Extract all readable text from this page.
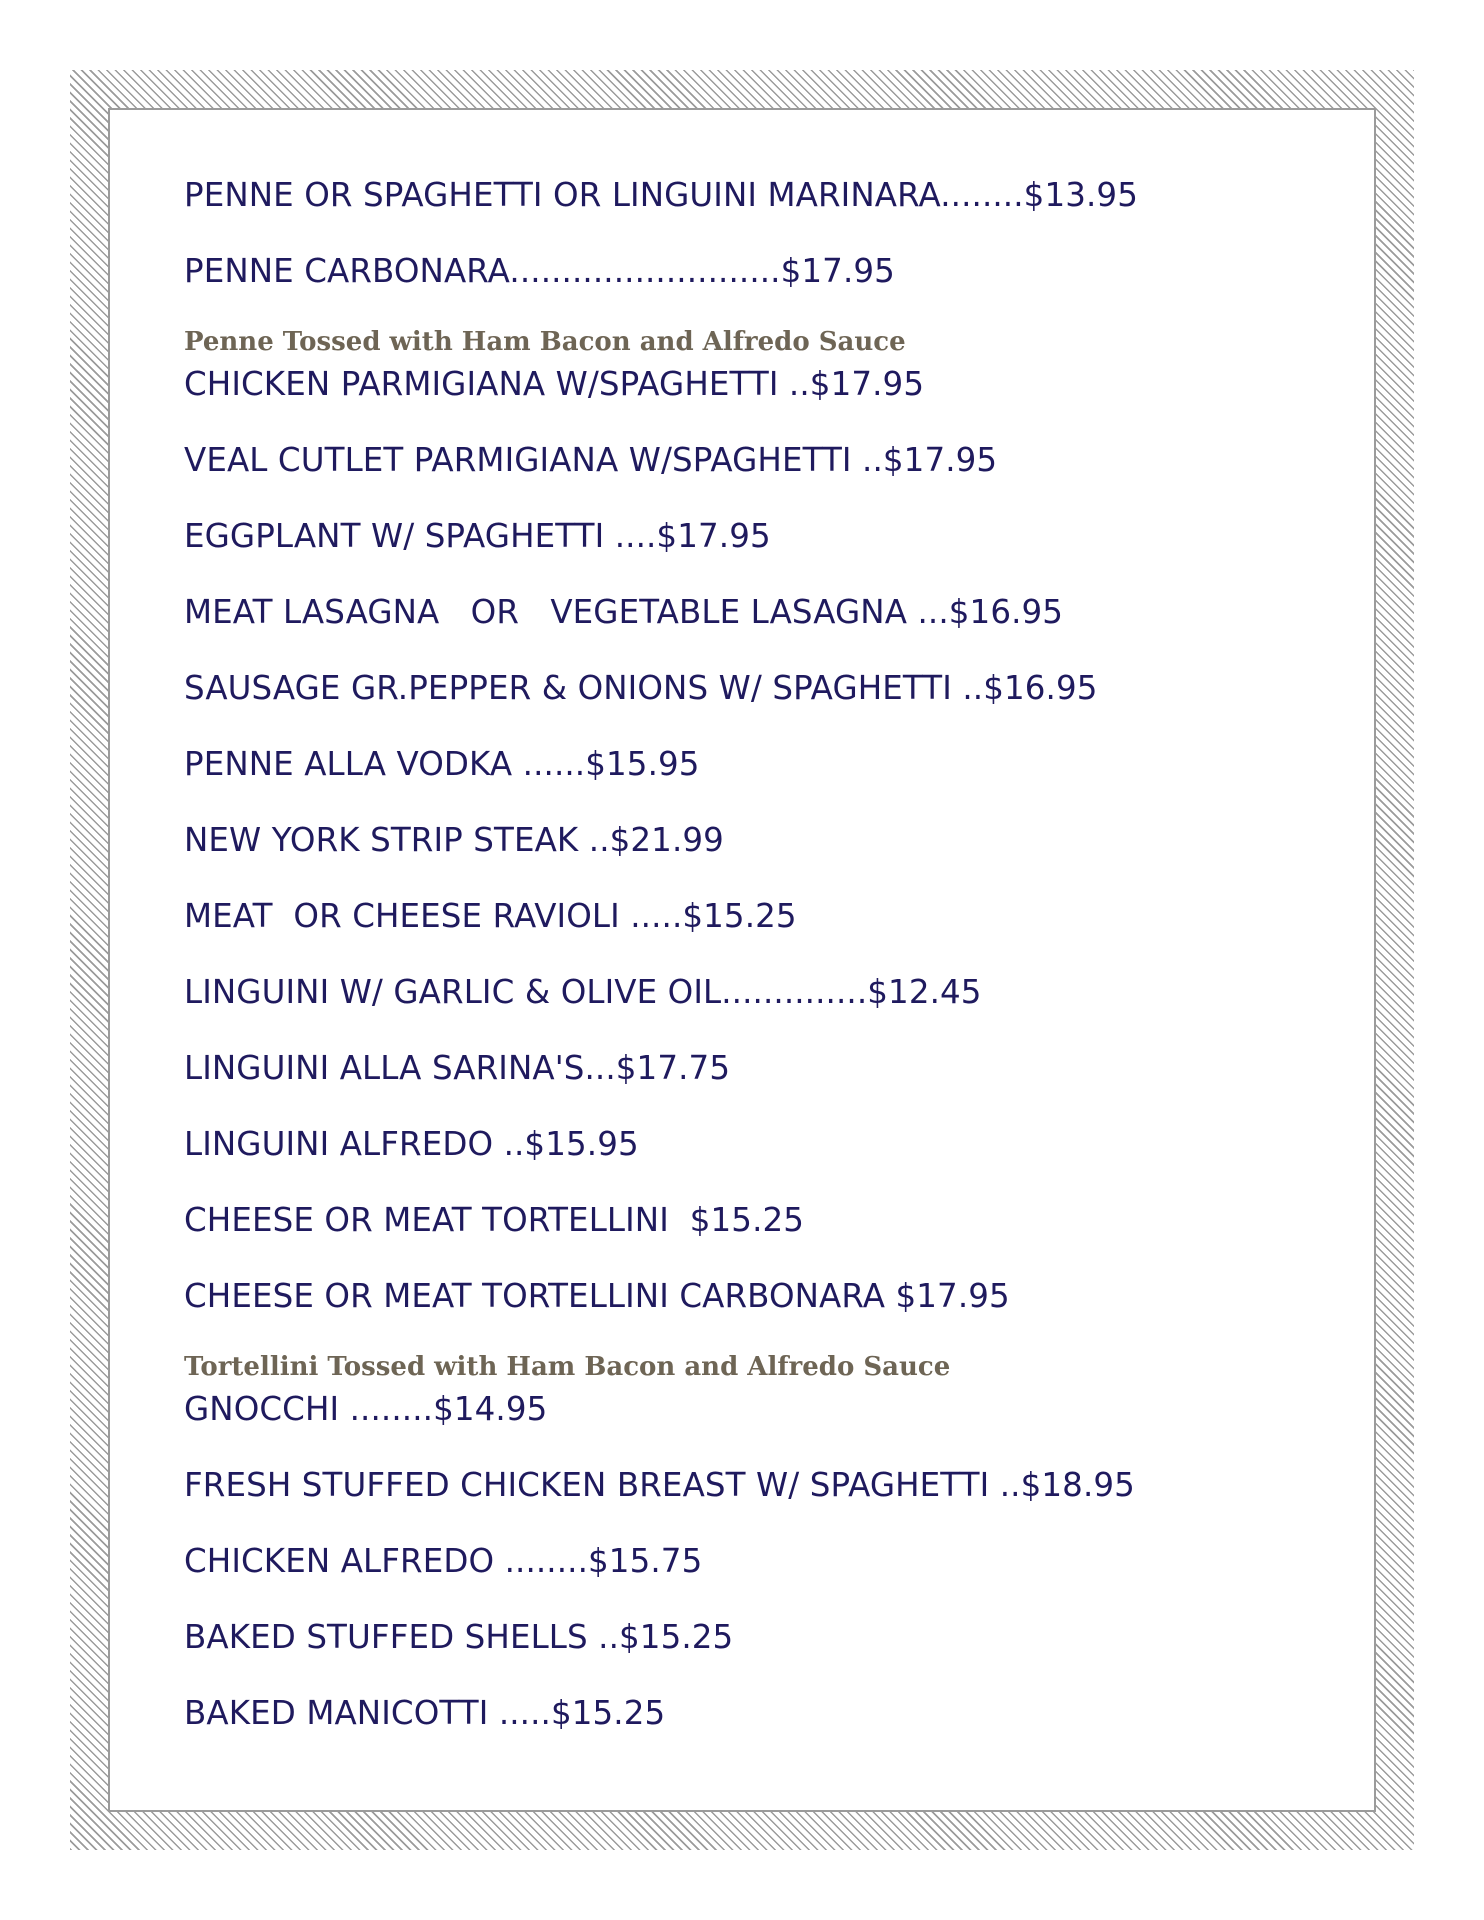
PENNE OR SPAGHETTI OR LINGUINI MARINARA........$13.95

PENNE CARBONARA..........................$17.95

Penne Tossed with Ham Bacon and Alfredo Sauce

CHICKEN PARMIGIANA W/SPAGHETTI ..$17.95

VEAL CUTLET PARMIGIANA W/SPAGHETTI ..$17.95

EGGPLANT W/ SPAGHETTI ....$17.95

MEAT LASAGNA   OR   VEGETABLE LASAGNA ...$16.95

SAUSAGE GR.PEPPER & ONIONS W/ SPAGHETTI ..$16.95

PENNE ALLA VODKA ......$15.95

NEW YORK STRIP STEAK ..$21.99

MEAT  OR CHEESE RAVIOLI .....$15.25

LINGUINI W/ GARLIC & OLIVE OIL..............$12.45

LINGUINI ALLA SARINA'S...$17.75

LINGUINI ALFREDO ..$15.95

CHEESE OR MEAT TORTELLINI  $15.25

CHEESE OR MEAT TORTELLINI CARBONARA $17.95

Tortellini Tossed with Ham Bacon and Alfredo Sauce

GNOCCHI ........$14.95

FRESH STUFFED CHICKEN BREAST W/ SPAGHETTI ..$18.95

CHICKEN ALFREDO ........$15.75

BAKED STUFFED SHELLS ..$15.25

BAKED MANICOTTI .....$15.25
